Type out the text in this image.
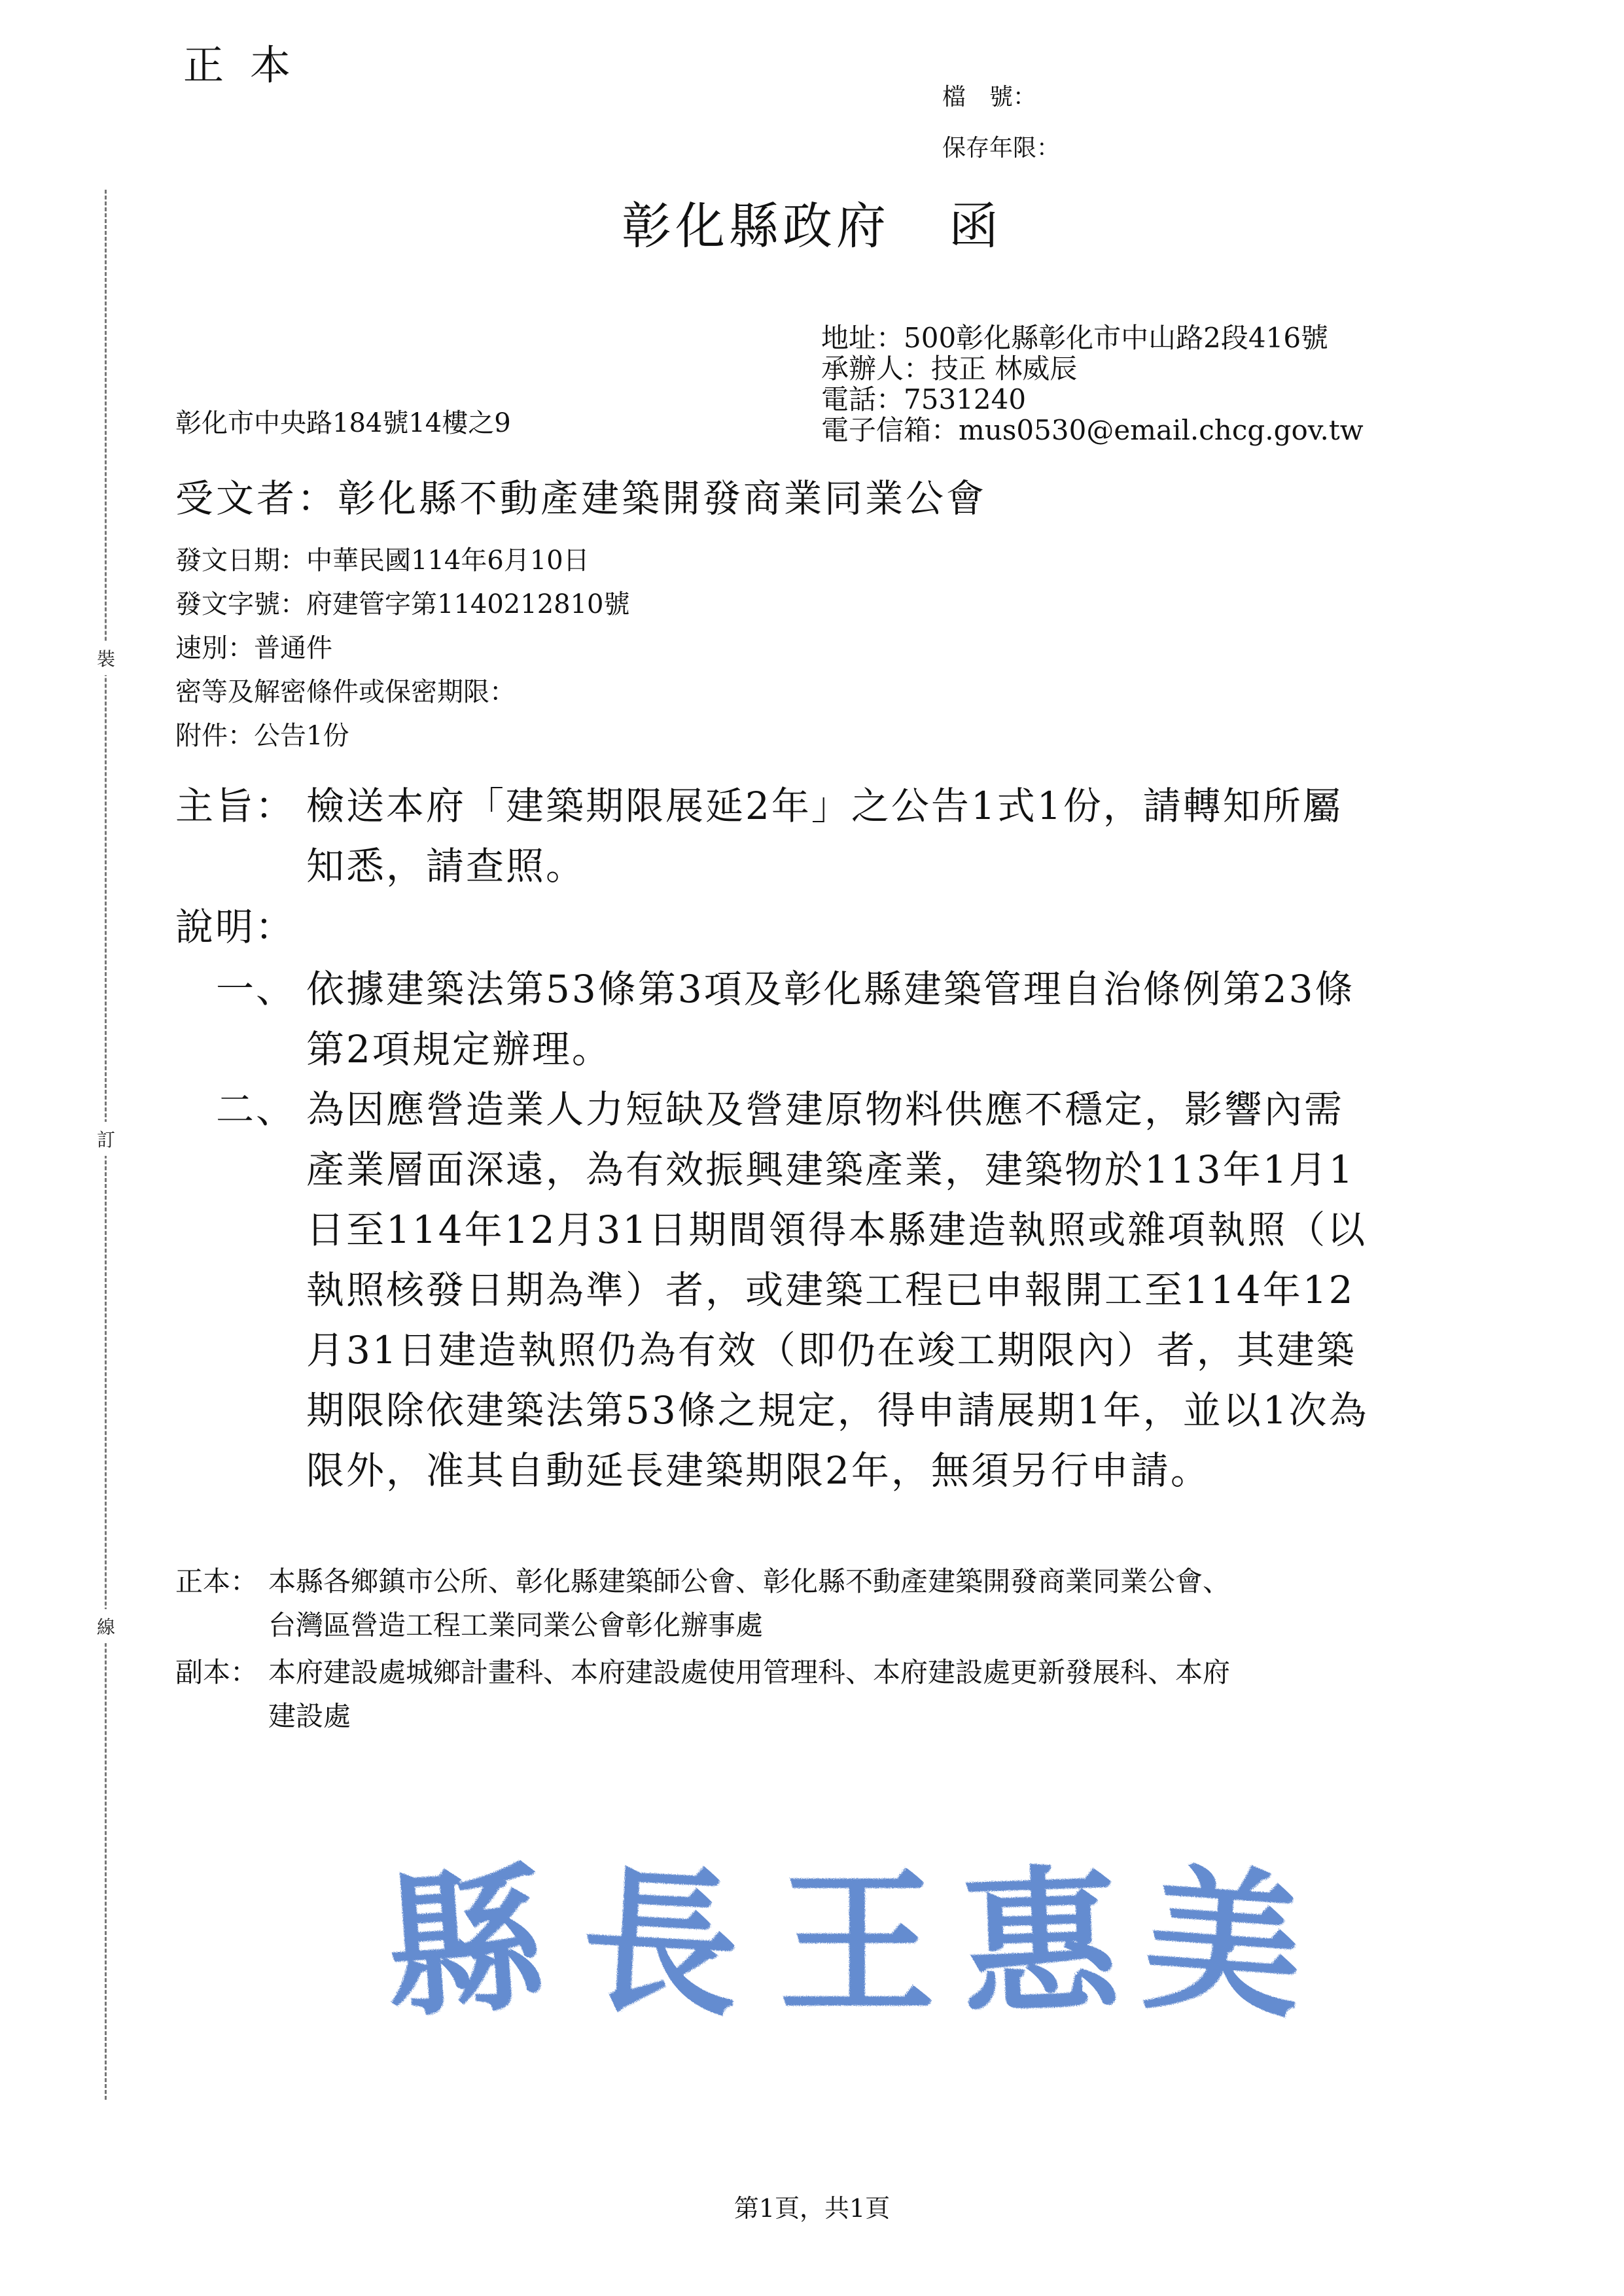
正本
檔　號：
保存年限：
裝
訂
線
彰化縣政府 函
地址：500彰化縣彰化市中山路2段416號
承辦人：技正 林威辰
電話：7531240
電子信箱：mus0530@email.chcg.gov.tw
彰化市中央路184號14樓之9
受文者：彰化縣不動產建築開發商業同業公會
發文日期：中華民國114年6月10日
發文字號：府建管字第1140212810號
速別：普通件
密等及解密條件或保密期限：
附件：公告1份
主旨： 檢送本府「建築期限展延2年」之公告1式1份，請轉知所屬
知悉，請查照。
說明：
一、 依據建築法第53條第3項及彰化縣建築管理自治條例第23條
第2項規定辦理。
二、 為因應營造業人力短缺及營建原物料供應不穩定，影響內需
產業層面深遠，為有效振興建築產業，建築物於113年1月1
日至114年12月31日期間領得本縣建造執照或雜項執照（以
執照核發日期為準）者，或建築工程已申報開工至114年12
月31日建造執照仍為有效（即仍在竣工期限內）者，其建築
期限除依建築法第53條之規定，得申請展期1年，並以1次為
限外，准其自動延長建築期限2年，無須另行申請。
正本： 本縣各鄉鎮市公所、彰化縣建築師公會、彰化縣不動產建築開發商業同業公會、
台灣區營造工程工業同業公會彰化辦事處
副本： 本府建設處城鄉計畫科、本府建設處使用管理科、本府建設處更新發展科、本府
建設處
縣 長 王 惠 美
第1頁，共1頁
